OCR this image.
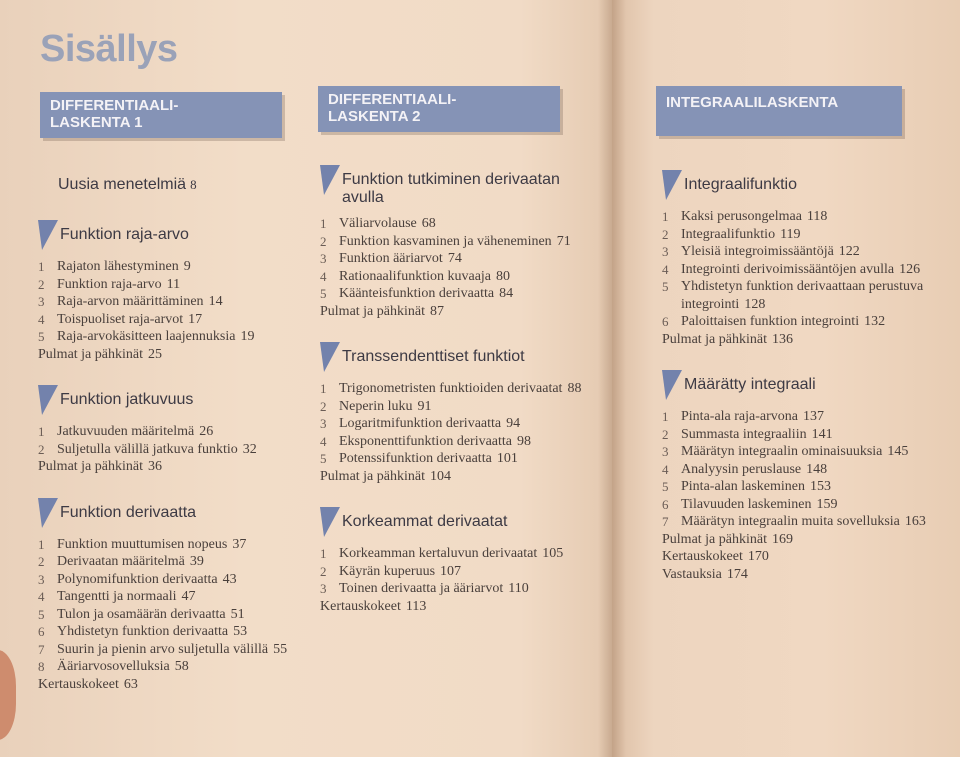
Sisällys
DIFFERENTIAALI-
LASKENTA 1
DIFFERENTIAALI-
LASKENTA 2
INTEGRAALILASKENTA
Uusia menetelmiä 8
Funktion raja-arvo
1 Rajaton lähestyminen 9
2 Funktion raja-arvo 11
3 Raja-arvon määrittäminen 14
4 Toispuoliset raja-arvot 17
5 Raja-arvokäsitteen laajennuksia 19
Pulmat ja pähkinät 25
Funktion jatkuvuus
1 Jatkuvuuden määritelmä 26
2 Suljetulla välillä jatkuva funktio 32
Pulmat ja pähkinät 36
Funktion derivaatta
1 Funktion muuttumisen nopeus 37
2 Derivaatan määritelmä 39
3 Polynomifunktion derivaatta 43
4 Tangentti ja normaali 47
5 Tulon ja osamäärän derivaatta 51
6 Yhdistetyn funktion derivaatta 53
7 Suurin ja pienin arvo suljetulla välillä 55
8 Ääriarvosovelluksia 58
Kertauskokeet 63
Funktion tutkiminen derivaatan avulla
1 Väliarvolause 68
2 Funktion kasvaminen ja väheneminen 71
3 Funktion ääriarvot 74
4 Rationaalifunktion kuvaaja 80
5 Käänteisfunktion derivaatta 84
Pulmat ja pähkinät 87
Transsendenttiset funktiot
1 Trigonometristen funktioiden derivaatat 88
2 Neperin luku 91
3 Logaritmifunktion derivaatta 94
4 Eksponenttifunktion derivaatta 98
5 Potenssifunktion derivaatta 101
Pulmat ja pähkinät 104
Korkeammat derivaatat
1 Korkeamman kertaluvun derivaatat 105
2 Käyrän kuperuus 107
3 Toinen derivaatta ja ääriarvot 110
Kertauskokeet 113
Integraalifunktio
1 Kaksi perusongelmaa 118
2 Integraalifunktio 119
3 Yleisiä integroimissääntöjä 122
4 Integrointi derivoimissääntöjen avulla 126
5 Yhdistetyn funktion derivaattaan perustuva integrointi 128
6 Paloittaisen funktion integrointi 132
Pulmat ja pähkinät 136
Määrätty integraali
1 Pinta-ala raja-arvona 137
2 Summasta integraaliin 141
3 Määrätyn integraalin ominaisuuksia 145
4 Analyysin peruslause 148
5 Pinta-alan laskeminen 153
6 Tilavuuden laskeminen 159
7 Määrätyn integraalin muita sovelluksia 163
Pulmat ja pähkinät 169
Kertauskokeet 170
Vastauksia 174
